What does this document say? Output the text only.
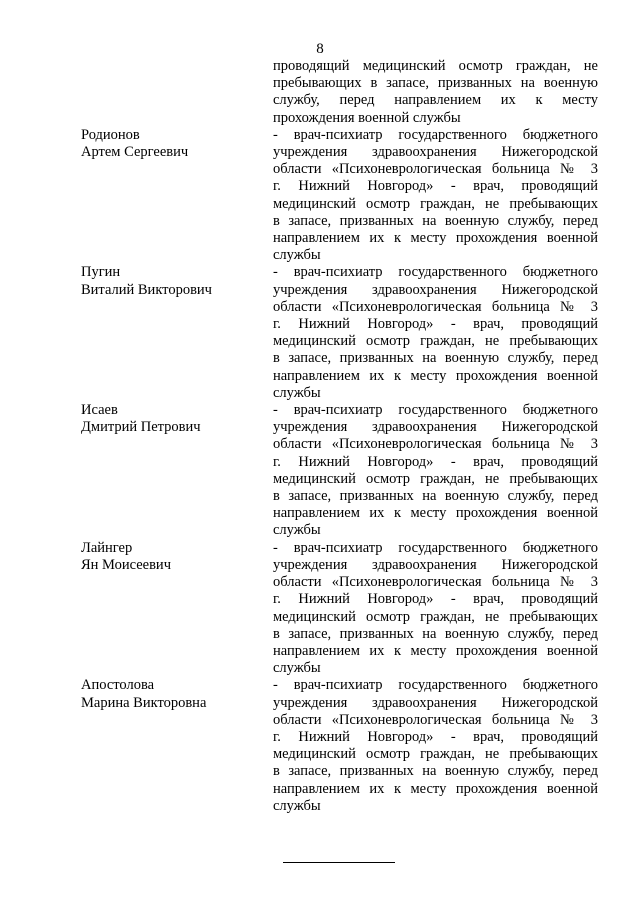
8
проводящий медицинский осмотр граждан, не
пребывающих в запасе, призванных на военную
службу, перед направлением их к месту
прохождения военной службы
Родионов
Артем Сергеевич
- врач-психиатр государственного бюджетного
учреждения здравоохранения Нижегородской
области «Психоневрологическая больница № 3
г. Нижний Новгород» - врач, проводящий
медицинский осмотр граждан, не пребывающих
в запасе, призванных на военную службу, перед
направлением их к месту прохождения военной
службы
Пугин
Виталий Викторович
- врач-психиатр государственного бюджетного
учреждения здравоохранения Нижегородской
области «Психоневрологическая больница № 3
г. Нижний Новгород» - врач, проводящий
медицинский осмотр граждан, не пребывающих
в запасе, призванных на военную службу, перед
направлением их к месту прохождения военной
службы
Исаев
Дмитрий Петрович
- врач-психиатр государственного бюджетного
учреждения здравоохранения Нижегородской
области «Психоневрологическая больница № 3
г. Нижний Новгород» - врач, проводящий
медицинский осмотр граждан, не пребывающих
в запасе, призванных на военную службу, перед
направлением их к месту прохождения военной
службы
Лайнгер
Ян Моисеевич
- врач-психиатр государственного бюджетного
учреждения здравоохранения Нижегородской
области «Психоневрологическая больница № 3
г. Нижний Новгород» - врач, проводящий
медицинский осмотр граждан, не пребывающих
в запасе, призванных на военную службу, перед
направлением их к месту прохождения военной
службы
Апостолова
Марина Викторовна
- врач-психиатр государственного бюджетного
учреждения здравоохранения Нижегородской
области «Психоневрологическая больница № 3
г. Нижний Новгород» - врач, проводящий
медицинский осмотр граждан, не пребывающих
в запасе, призванных на военную службу, перед
направлением их к месту прохождения военной
службы
